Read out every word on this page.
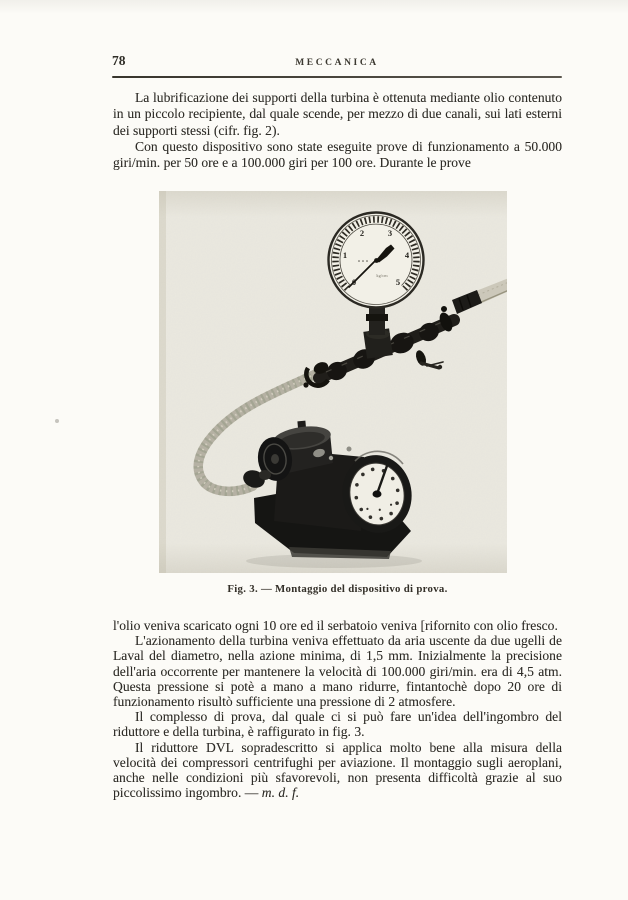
78	MECCANICA

La lubrificazione dei supporti della turbina è ottenuta mediante olio contenuto in un piccolo recipiente, dal quale scende, per mezzo di due canali, sui lati esterni dei supporti stessi (cifr. fig. 2).

Con questo dispositivo sono state eseguite prove di funzionamento a 50.000 giri/min. per 50 ore e a 100.000 giri per 100 ore. Durante le prove

1
2	3
4
5
kg/cm
Fig. 3. — Montaggio del dispositivo di prova.

l'olio veniva scaricato ogni 10 ore ed il serbatoio veniva [rifornito con olio fresco.

L'azionamento della turbina veniva effettuato da aria uscente da due ugelli de Laval del diametro, nella azione minima, di 1,5 mm. Inizialmente la precisione dell'aria occorrente per mantenere la velocità di 100.000 giri/min. era di 4,5 atm. Questa pressione si potè a mano a mano ridurre, fintantochè dopo 20 ore di funzionamento risultò sufficiente una pressione di 2 atmosfere.

Il complesso di prova, dal quale ci si può fare un'idea dell'ingombro del riduttore e della turbina, è raffigurato in fig. 3.

Il riduttore DVL sopradescritto si applica molto bene alla misura della velocità dei compressori centrifughi per aviazione. Il montaggio sugli aeroplani, anche nelle condizioni più sfavorevoli, non presenta difficoltà grazie al suo piccolissimo ingombro. — m. d. f.
